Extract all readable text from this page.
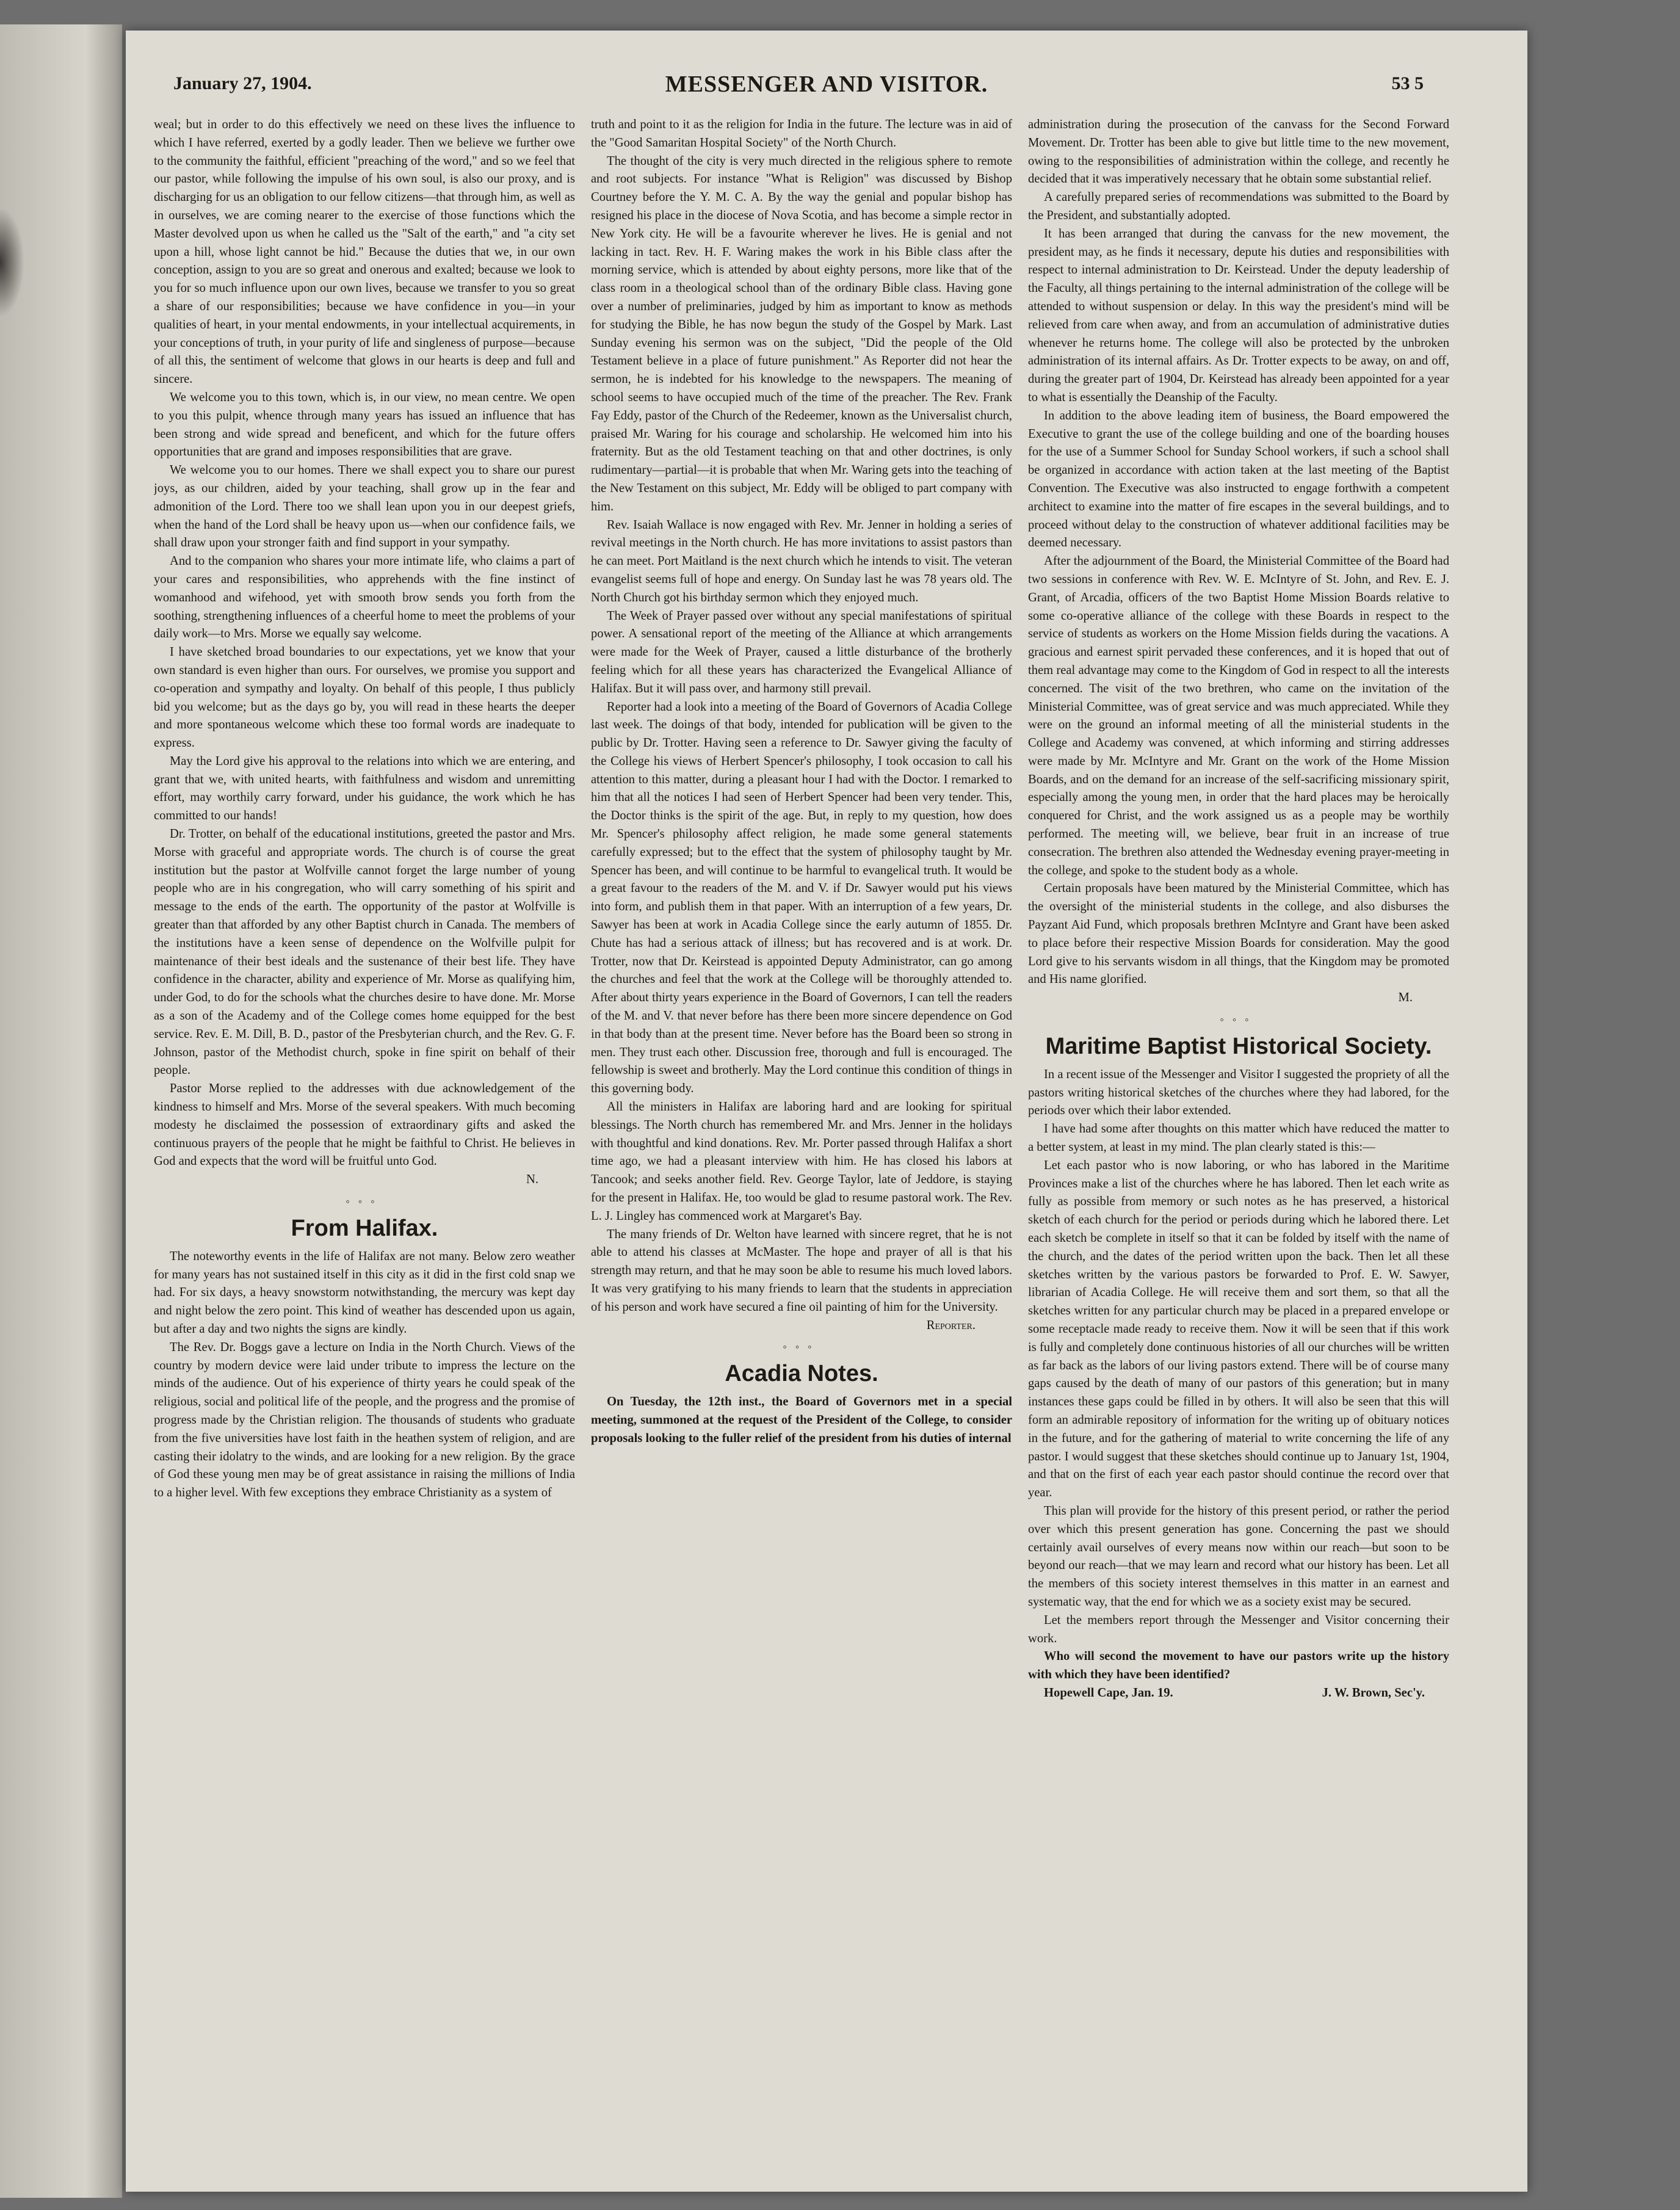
January 27, 1904.	MESSENGER AND VISITOR.	53 5

weal; but in order to do this effectively we need on these lives the influence to which I have referred, exerted by a godly leader. Then we believe we further owe to the community the faithful, efficient "preaching of the word," and so we feel that our pastor, while following the impulse of his own soul, is also our proxy, and is discharging for us an obligation to our fellow citizens—that through him, as well as in ourselves, we are coming nearer to the exercise of those functions which the Master devolved upon us when he called us the "Salt of the earth," and "a city set upon a hill, whose light cannot be hid." Because the duties that we, in our own conception, assign to you are so great and onerous and exalted; because we look to you for so much influence upon our own lives, because we transfer to you so great a share of our responsibilities; because we have confidence in you—in your qualities of heart, in your mental endowments, in your intellectual acquirements, in your conceptions of truth, in your purity of life and singleness of purpose—because of all this, the sentiment of welcome that glows in our hearts is deep and full and sincere.

We welcome you to this town, which is, in our view, no mean centre. We open to you this pulpit, whence through many years has issued an influence that has been strong and wide spread and beneficent, and which for the future offers opportunities that are grand and imposes responsibilities that are grave.

We welcome you to our homes. There we shall expect you to share our purest joys, as our children, aided by your teaching, shall grow up in the fear and admonition of the Lord. There too we shall lean upon you in our deepest griefs, when the hand of the Lord shall be heavy upon us—when our confidence fails, we shall draw upon your stronger faith and find support in your sympathy.

And to the companion who shares your more intimate life, who claims a part of your cares and responsibilities, who apprehends with the fine instinct of womanhood and wifehood, yet with smooth brow sends you forth from the soothing, strengthening influences of a cheerful home to meet the problems of your daily work—to Mrs. Morse we equally say welcome.

I have sketched broad boundaries to our expectations, yet we know that your own standard is even higher than ours. For ourselves, we promise you support and co-operation and sympathy and loyalty. On behalf of this people, I thus publicly bid you welcome; but as the days go by, you will read in these hearts the deeper and more spontaneous welcome which these too formal words are inadequate to express.

May the Lord give his approval to the relations into which we are entering, and grant that we, with united hearts, with faithfulness and wisdom and unremitting effort, may worthily carry forward, under his guidance, the work which he has committed to our hands!

Dr. Trotter, on behalf of the educational institutions, greeted the pastor and Mrs. Morse with graceful and appropriate words. The church is of course the great institution but the pastor at Wolfville cannot forget the large number of young people who are in his congregation, who will carry something of his spirit and message to the ends of the earth. The opportunity of the pastor at Wolfville is greater than that afforded by any other Baptist church in Canada. The members of the institutions have a keen sense of dependence on the Wolfville pulpit for maintenance of their best ideals and the sustenance of their best life. They have confidence in the character, ability and experience of Mr. Morse as qualifying him, under God, to do for the schools what the churches desire to have done. Mr. Morse as a son of the Academy and of the College comes home equipped for the best service. Rev. E. M. Dill, B. D., pastor of the Presbyterian church, and the Rev. G. F. Johnson, pastor of the Methodist church, spoke in fine spirit on behalf of their people.

Pastor Morse replied to the addresses with due acknowledgement of the kindness to himself and Mrs. Morse of the several speakers. With much becoming modesty he disclaimed the possession of extraordinary gifts and asked the continuous prayers of the people that he might be faithful to Christ. He believes in God and expects that the word will be fruitful unto God.

N.

◦◦◦
From Halifax.

The noteworthy events in the life of Halifax are not many. Below zero weather for many years has not sustained itself in this city as it did in the first cold snap we had. For six days, a heavy snowstorm notwithstanding, the mercury was kept day and night below the zero point. This kind of weather has descended upon us again, but after a day and two nights the signs are kindly.

The Rev. Dr. Boggs gave a lecture on India in the North Church. Views of the country by modern device were laid under tribute to impress the lecture on the minds of the audience. Out of his experience of thirty years he could speak of the religious, social and political life of the people, and the progress and the promise of progress made by the Christian religion. The thousands of students who graduate from the five universities have lost faith in the heathen system of religion, and are casting their idolatry to the winds, and are looking for a new religion. By the grace of God these young men may be of great assistance in raising the millions of India to a higher level. With few exceptions they embrace Christianity as a system of

truth and point to it as the religion for India in the future. The lecture was in aid of the "Good Samaritan Hospital Society" of the North Church.

The thought of the city is very much directed in the religious sphere to remote and root subjects. For instance "What is Religion" was discussed by Bishop Courtney before the Y. M. C. A. By the way the genial and popular bishop has resigned his place in the diocese of Nova Scotia, and has become a simple rector in New York city. He will be a favourite wherever he lives. He is genial and not lacking in tact. Rev. H. F. Waring makes the work in his Bible class after the morning service, which is attended by about eighty persons, more like that of the class room in a theological school than of the ordinary Bible class. Having gone over a number of preliminaries, judged by him as important to know as methods for studying the Bible, he has now begun the study of the Gospel by Mark. Last Sunday evening his sermon was on the subject, "Did the people of the Old Testament believe in a place of future punishment." As Reporter did not hear the sermon, he is indebted for his knowledge to the newspapers. The meaning of school seems to have occupied much of the time of the preacher. The Rev. Frank Fay Eddy, pastor of the Church of the Redeemer, known as the Universalist church, praised Mr. Waring for his courage and scholarship. He welcomed him into his fraternity. But as the old Testament teaching on that and other doctrines, is only rudimentary—partial—it is probable that when Mr. Waring gets into the teaching of the New Testament on this subject, Mr. Eddy will be obliged to part company with him.

Rev. Isaiah Wallace is now engaged with Rev. Mr. Jenner in holding a series of revival meetings in the North church. He has more invitations to assist pastors than he can meet. Port Maitland is the next church which he intends to visit. The veteran evangelist seems full of hope and energy. On Sunday last he was 78 years old. The North Church got his birthday sermon which they enjoyed much.

The Week of Prayer passed over without any special manifestations of spiritual power. A sensational report of the meeting of the Alliance at which arrangements were made for the Week of Prayer, caused a little disturbance of the brotherly feeling which for all these years has characterized the Evangelical Alliance of Halifax. But it will pass over, and harmony still prevail.

Reporter had a look into a meeting of the Board of Governors of Acadia College last week. The doings of that body, intended for publication will be given to the public by Dr. Trotter. Having seen a reference to Dr. Sawyer giving the faculty of the College his views of Herbert Spencer's philosophy, I took occasion to call his attention to this matter, during a pleasant hour I had with the Doctor. I remarked to him that all the notices I had seen of Herbert Spencer had been very tender. This, the Doctor thinks is the spirit of the age. But, in reply to my question, how does Mr. Spencer's philosophy affect religion, he made some general statements carefully expressed; but to the effect that the system of philosophy taught by Mr. Spencer has been, and will continue to be harmful to evangelical truth. It would be a great favour to the readers of the M. and V. if Dr. Sawyer would put his views into form, and publish them in that paper. With an interruption of a few years, Dr. Sawyer has been at work in Acadia College since the early autumn of 1855. Dr. Chute has had a serious attack of illness; but has recovered and is at work. Dr. Trotter, now that Dr. Keirstead is appointed Deputy Administrator, can go among the churches and feel that the work at the College will be thoroughly attended to. After about thirty years experience in the Board of Governors, I can tell the readers of the M. and V. that never before has there been more sincere dependence on God in that body than at the present time. Never before has the Board been so strong in men. They trust each other. Discussion free, thorough and full is encouraged. The fellowship is sweet and brotherly. May the Lord continue this condition of things in this governing body.

All the ministers in Halifax are laboring hard and are looking for spiritual blessings. The North church has remembered Mr. and Mrs. Jenner in the holidays with thoughtful and kind donations. Rev. Mr. Porter passed through Halifax a short time ago, we had a pleasant interview with him. He has closed his labors at Tancook; and seeks another field. Rev. George Taylor, late of Jeddore, is staying for the present in Halifax. He, too would be glad to resume pastoral work. The Rev. L. J. Lingley has commenced work at Margaret's Bay.

The many friends of Dr. Welton have learned with sincere regret, that he is not able to attend his classes at McMaster. The hope and prayer of all is that his strength may return, and that he may soon be able to resume his much loved labors. It was very gratifying to his many friends to learn that the students in appreciation of his person and work have secured a fine oil painting of him for the University.

Reporter.

◦◦◦
Acadia Notes.

On Tuesday, the 12th inst., the Board of Governors met in a special meeting, summoned at the request of the President of the College, to consider proposals looking to the fuller relief of the president from his duties of internal

administration during the prosecution of the canvass for the Second Forward Movement. Dr. Trotter has been able to give but little time to the new movement, owing to the responsibilities of administration within the college, and recently he decided that it was imperatively necessary that he obtain some substantial relief.

A carefully prepared series of recommendations was submitted to the Board by the President, and substantially adopted.

It has been arranged that during the canvass for the new movement, the president may, as he finds it necessary, depute his duties and responsibilities with respect to internal administration to Dr. Keirstead. Under the deputy leadership of the Faculty, all things pertaining to the internal administration of the college will be attended to without suspension or delay. In this way the president's mind will be relieved from care when away, and from an accumulation of administrative duties whenever he returns home. The college will also be protected by the unbroken administration of its internal affairs. As Dr. Trotter expects to be away, on and off, during the greater part of 1904, Dr. Keirstead has already been appointed for a year to what is essentially the Deanship of the Faculty.

In addition to the above leading item of business, the Board empowered the Executive to grant the use of the college building and one of the boarding houses for the use of a Summer School for Sunday School workers, if such a school shall be organized in accordance with action taken at the last meeting of the Baptist Convention. The Executive was also instructed to engage forthwith a competent architect to examine into the matter of fire escapes in the several buildings, and to proceed without delay to the construction of whatever additional facilities may be deemed necessary.

After the adjournment of the Board, the Ministerial Committee of the Board had two sessions in conference with Rev. W. E. McIntyre of St. John, and Rev. E. J. Grant, of Arcadia, officers of the two Baptist Home Mission Boards relative to some co-operative alliance of the college with these Boards in respect to the service of students as workers on the Home Mission fields during the vacations. A gracious and earnest spirit pervaded these conferences, and it is hoped that out of them real advantage may come to the Kingdom of God in respect to all the interests concerned. The visit of the two brethren, who came on the invitation of the Ministerial Committee, was of great service and was much appreciated. While they were on the ground an informal meeting of all the ministerial students in the College and Academy was convened, at which informing and stirring addresses were made by Mr. McIntyre and Mr. Grant on the work of the Home Mission Boards, and on the demand for an increase of the self-sacrificing missionary spirit, especially among the young men, in order that the hard places may be heroically conquered for Christ, and the work assigned us as a people may be worthily performed. The meeting will, we believe, bear fruit in an increase of true consecration. The brethren also attended the Wednesday evening prayer-meeting in the college, and spoke to the student body as a whole.

Certain proposals have been matured by the Ministerial Committee, which has the oversight of the ministerial students in the college, and also disburses the Payzant Aid Fund, which proposals brethren McIntyre and Grant have been asked to place before their respective Mission Boards for consideration. May the good Lord give to his servants wisdom in all things, that the Kingdom may be promoted and His name glorified.

M.

◦◦◦
Maritime Baptist Historical Society.

In a recent issue of the Messenger and Visitor I suggested the propriety of all the pastors writing historical sketches of the churches where they had labored, for the periods over which their labor extended.

I have had some after thoughts on this matter which have reduced the matter to a better system, at least in my mind. The plan clearly stated is this:—

Let each pastor who is now laboring, or who has labored in the Maritime Provinces make a list of the churches where he has labored. Then let each write as fully as possible from memory or such notes as he has preserved, a historical sketch of each church for the period or periods during which he labored there. Let each sketch be complete in itself so that it can be folded by itself with the name of the church, and the dates of the period written upon the back. Then let all these sketches written by the various pastors be forwarded to Prof. E. W. Sawyer, librarian of Acadia College. He will receive them and sort them, so that all the sketches written for any particular church may be placed in a prepared envelope or some receptacle made ready to receive them. Now it will be seen that if this work is fully and completely done continuous histories of all our churches will be written as far back as the labors of our living pastors extend. There will be of course many gaps caused by the death of many of our pastors of this generation; but in many instances these gaps could be filled in by others. It will also be seen that this will form an admirable repository of information for the writing up of obituary notices in the future, and for the gathering of material to write concerning the life of any pastor. I would suggest that these sketches should continue up to January 1st, 1904, and that on the first of each year each pastor should continue the record over that year.

This plan will provide for the history of this present period, or rather the period over which this present generation has gone. Concerning the past we should certainly avail ourselves of every means now within our reach—but soon to be beyond our reach—that we may learn and record what our history has been. Let all the members of this society interest themselves in this matter in an earnest and systematic way, that the end for which we as a society exist may be secured.

Let the members report through the Messenger and Visitor concerning their work.

Who will second the movement to have our pastors write up the history with which they have been identified?

Hopewell Cape, Jan. 19.	J. W. Brown, Sec'y.
